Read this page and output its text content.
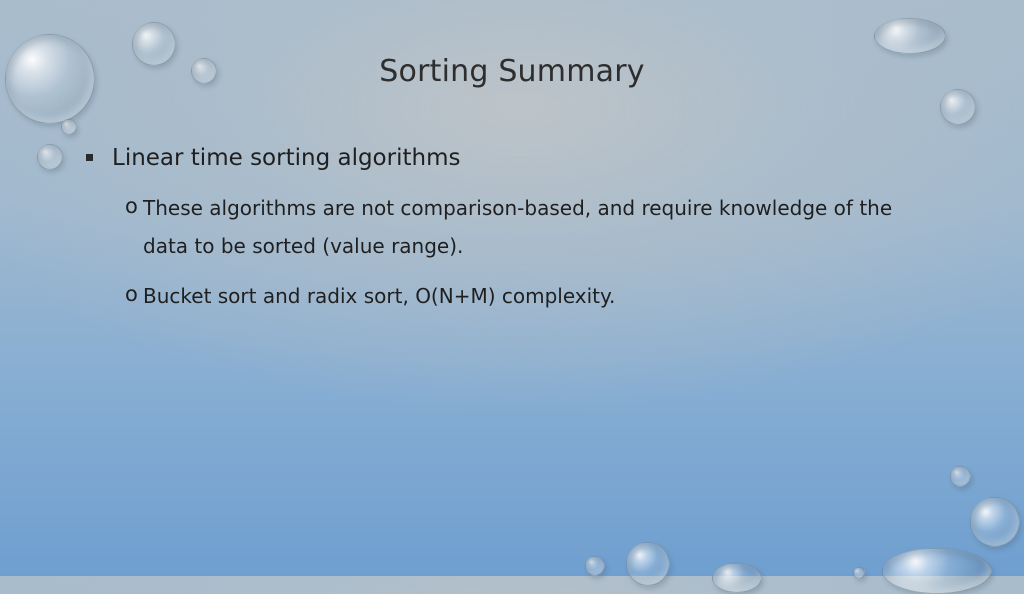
Sorting Summary
Linear time sorting algorithms
o These algorithms are not comparison-based, and require knowledge of the data to be sorted (value range).
o Bucket sort and radix sort, O(N+M) complexity.
